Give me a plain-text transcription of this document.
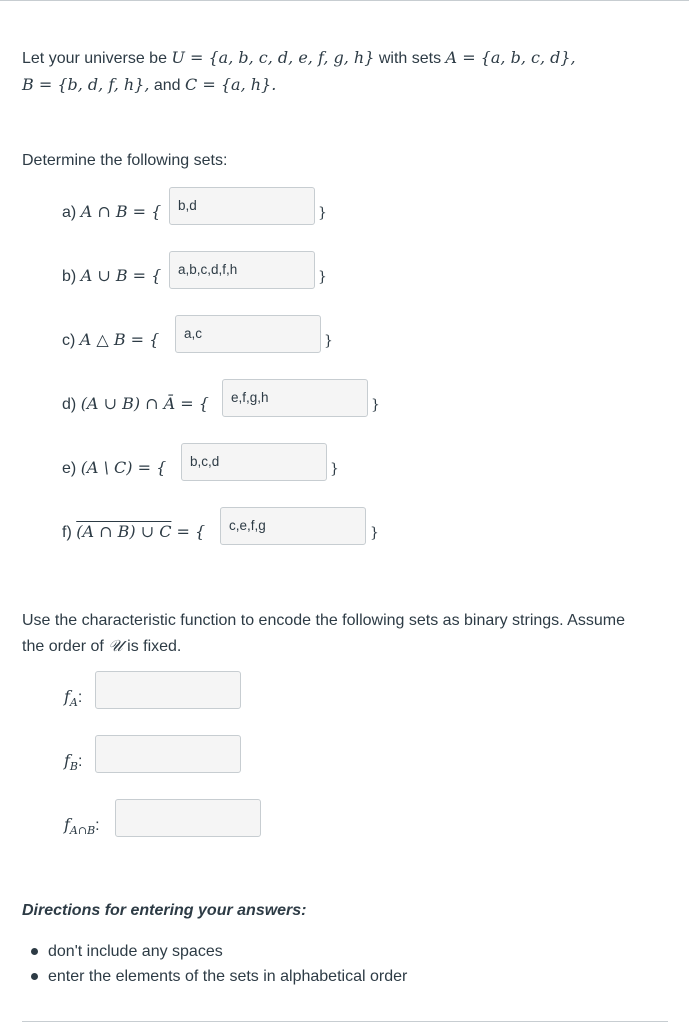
Let your universe be U = {a, b, c, d, e, f, g, h} with sets A = {a, b, c, d},
B = {b, d, f, h}, and C = {a, h}.
Determine the following sets:
a) A ∩ B = {	b,d	}
b) A ∪ B = {	a,b,c,d,f,h	}
c) A △ B = {	a,c	}
d) (A ∪ B) ∩ Ā = {	e,f,g,h	}
e) (A \ C) = {	b,c,d	}
f) (A ∩ B) ∪ C = {	c,e,f,g	}
Use the characteristic function to encode the following sets as binary strings. Assume
the order of 𝒰 is fixed.
$f_A$:
$f_B$:
$f_{A\cap B}$:
Directions for entering your answers:
don't include any spaces
enter the elements of the sets in alphabetical order
